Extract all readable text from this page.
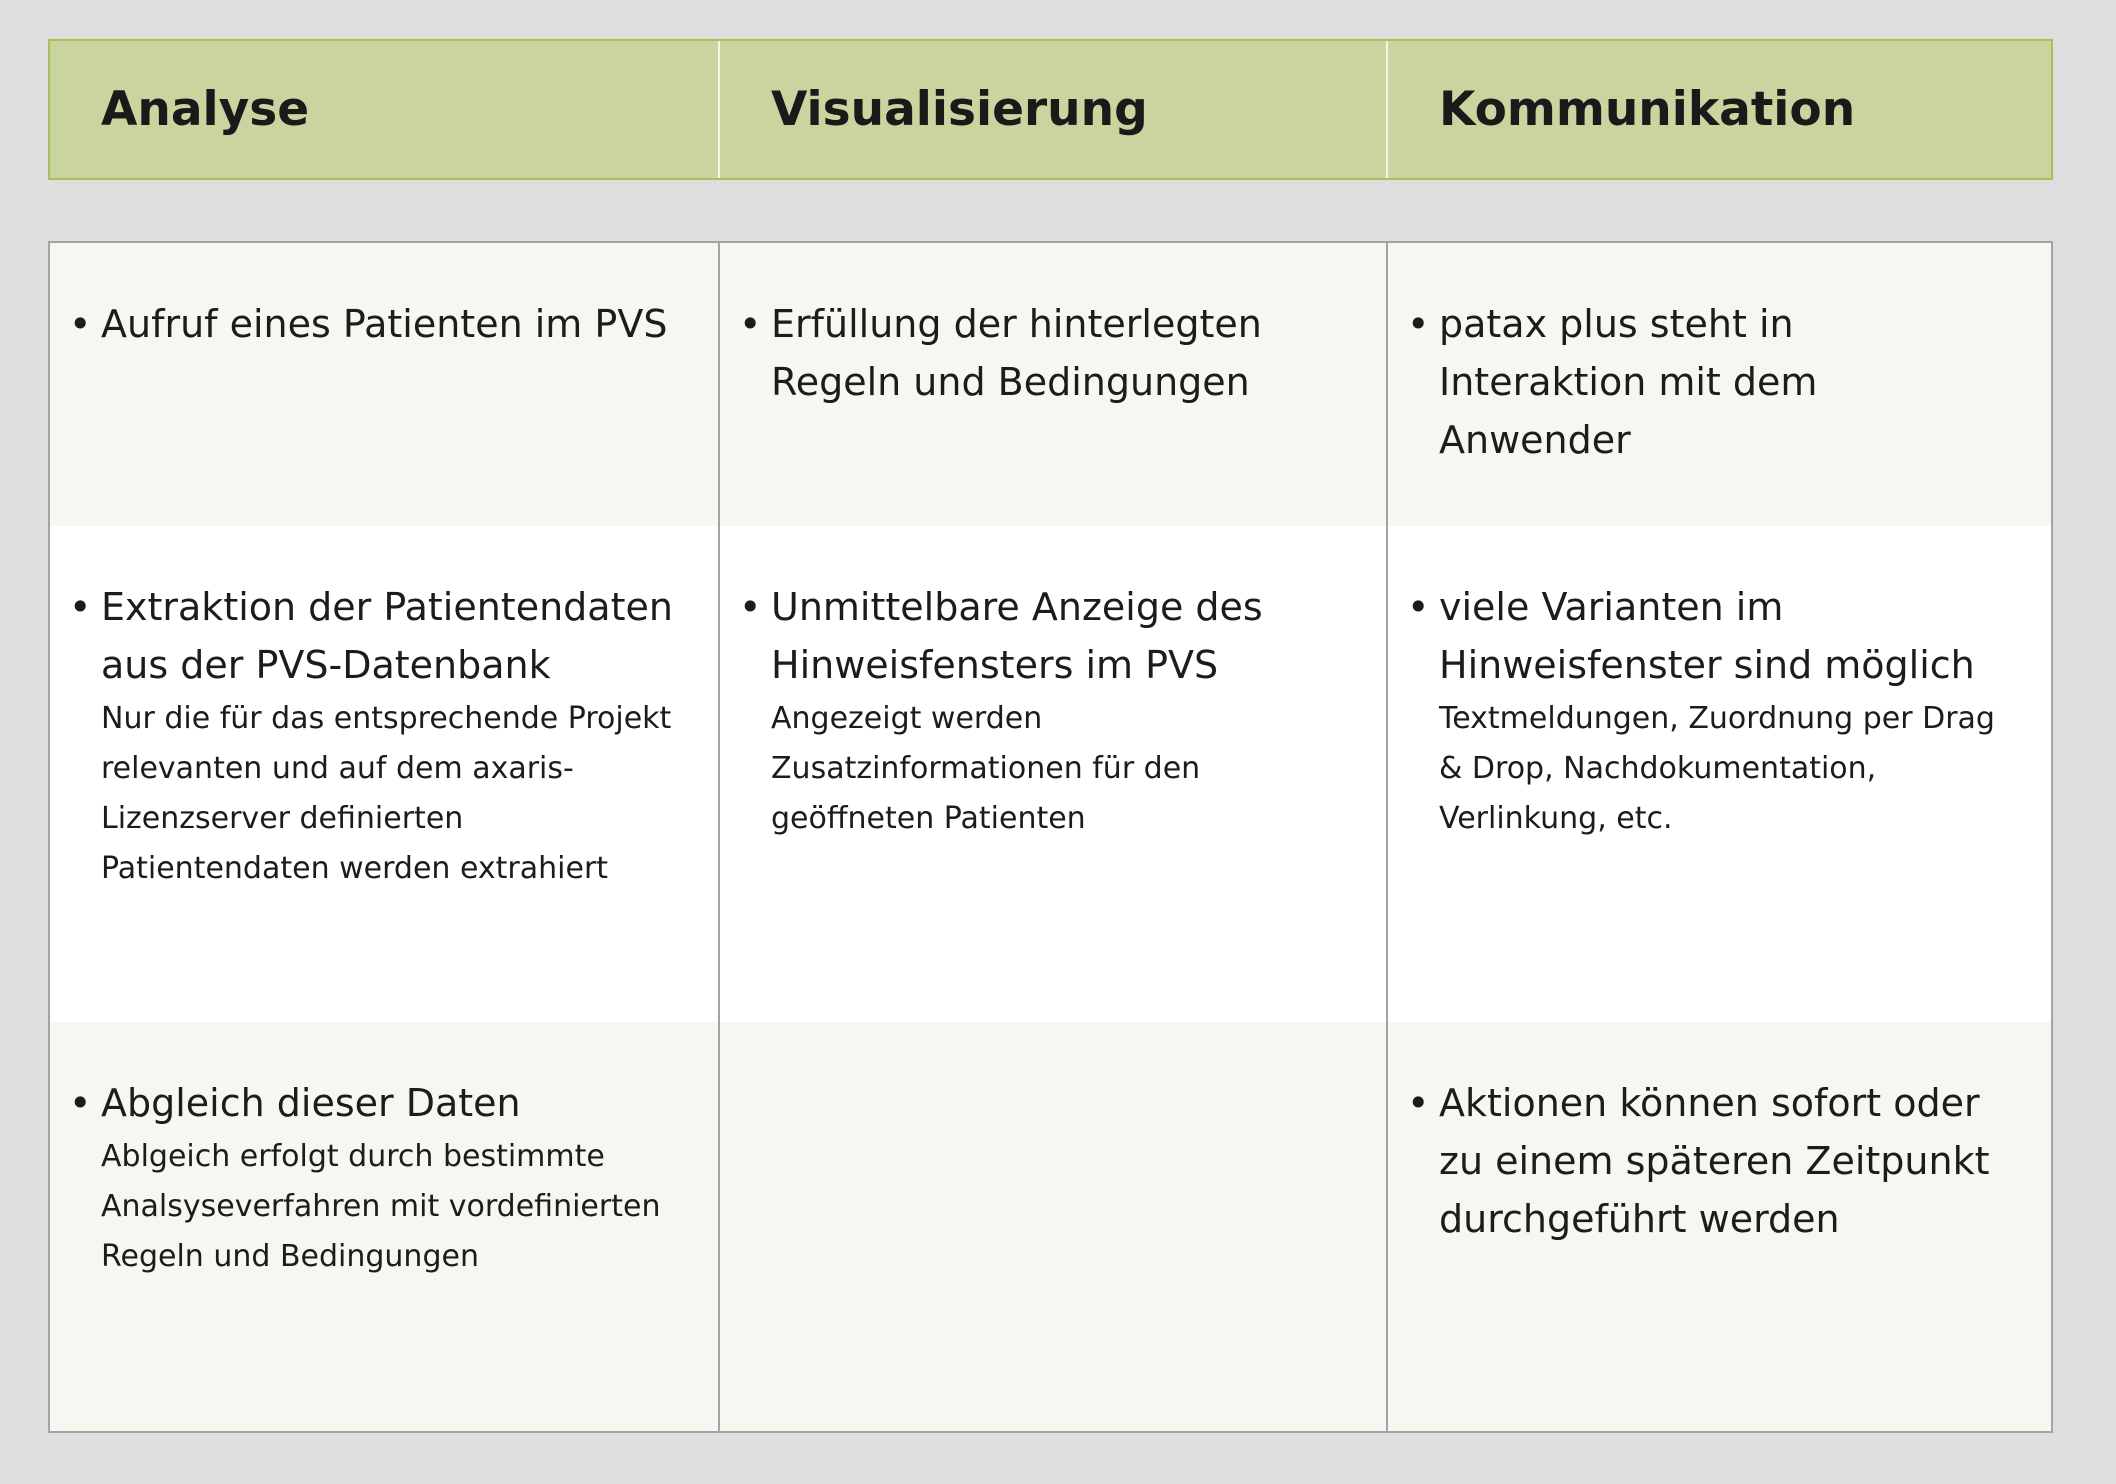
Analyse	Visualisierung	Kommunikation
• Aufruf eines Patienten im PVS • Erfüllung der hinterlegten Regeln und Bedingungen
• patax plus steht in Interaktion mit dem Anwender
• Extraktion der Patientendaten aus der PVS-Datenbank
Nur die für das entsprechende Projekt relevanten und auf dem axaris-Lizenzserver definierten Patientendaten werden extrahiert
• Unmittelbare Anzeige des Hinweisfensters im PVS
Angezeigt werden Zusatzinformationen für den geöffneten Patienten
• viele Varianten im Hinweisfenster sind möglich
Textmeldungen, Zuordnung per Drag & Drop, Nachdokumentation, Verlinkung, etc.
• Abgleich dieser Daten
Ablgeich erfolgt durch bestimmte Analsyseverfahren mit vordefinierten Regeln und Bedingungen
• Aktionen können sofort oder zu einem späteren Zeitpunkt durchgeführt werden
